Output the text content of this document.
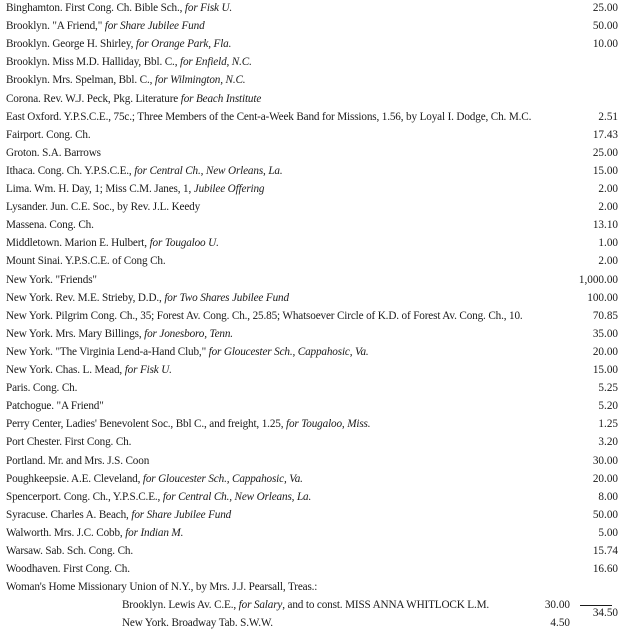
Binghamton. First Cong. Ch. Bible Sch., for Fisk U.	25.00
Brooklyn. "A Friend," for Share Jubilee Fund	50.00
Brooklyn. George H. Shirley, for Orange Park, Fla.	10.00
Brooklyn. Miss M.D. Halliday, Bbl. C., for Enfield, N.C.
Brooklyn. Mrs. Spelman, Bbl. C., for Wilmington, N.C.
Corona. Rev. W.J. Peck, Pkg. Literature for Beach Institute
East Oxford. Y.P.S.C.E., 75c.; Three Members of the Cent-a-Week Band for Missions, 1.56, by Loyal I. Dodge, Ch. M.C.	2.51
Fairport. Cong. Ch.	17.43
Groton. S.A. Barrows	25.00
Ithaca. Cong. Ch. Y.P.S.C.E., for Central Ch., New Orleans, La.	15.00
Lima. Wm. H. Day, 1; Miss C.M. Janes, 1, Jubilee Offering	2.00
Lysander. Jun. C.E. Soc., by Rev. J.L. Keedy	2.00
Massena. Cong. Ch.	13.10
Middletown. Marion E. Hulbert, for Tougaloo U.	1.00
Mount Sinai. Y.P.S.C.E. of Cong Ch.	2.00
New York. "Friends"	1,000.00
New York. Rev. M.E. Strieby, D.D., for Two Shares Jubilee Fund	100.00
New York. Pilgrim Cong. Ch., 35; Forest Av. Cong. Ch., 25.85; Whatsoever Circle of K.D. of Forest Av. Cong. Ch., 10.	70.85
New York. Mrs. Mary Billings, for Jonesboro, Tenn.	35.00
New York. "The Virginia Lend-a-Hand Club," for Gloucester Sch., Cappahosic, Va.	20.00
New York. Chas. L. Mead, for Fisk U.	15.00
Paris. Cong. Ch.	5.25
Patchogue. "A Friend"	5.20
Perry Center, Ladies' Benevolent Soc., Bbl C., and freight, 1.25, for Tougaloo, Miss.	1.25
Port Chester. First Cong. Ch.	3.20
Portland. Mr. and Mrs. J.S. Coon	30.00
Poughkeepsie. A.E. Cleveland, for Gloucester Sch., Cappahosic, Va.	20.00
Spencerport. Cong. Ch., Y.P.S.C.E., for Central Ch., New Orleans, La.	8.00
Syracuse. Charles A. Beach, for Share Jubilee Fund	50.00
Walworth. Mrs. J.C. Cobb, for Indian M.	5.00
Warsaw. Sab. Sch. Cong. Ch.	15.74
Woodhaven. First Cong. Ch.	16.60
Woman's Home Missionary Union of N.Y., by Mrs. J.J. Pearsall, Treas.:
Brooklyn. Lewis Av. C.E., for Salary, and to const. MISS ANNA WHITLOCK L.M.	30.00
New York. Broadway Tab. S.W.W.	4.50
34.50
